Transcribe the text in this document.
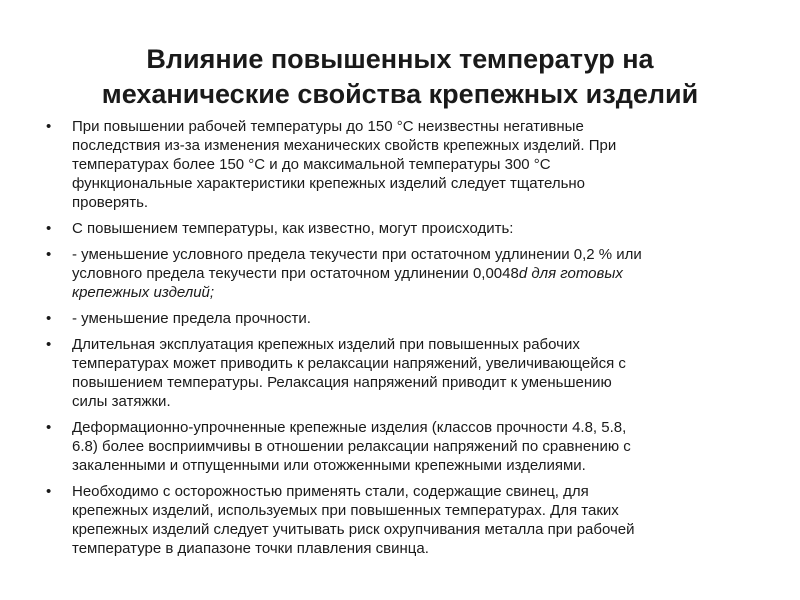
Влияние повышенных температур на
механические свойства крепежных изделий
• При повышении рабочей температуры до 150 °С неизвестны негативные
последствия из-за изменения механических свойств крепежных изделий. При
температурах более 150 °С и до максимальной температуры 300 °С
функциональные характеристики крепежных изделий следует тщательно
проверять.
• С повышением температуры, как известно, могут происходить:
• - уменьшение условного предела текучести при остаточном удлинении 0,2 % или
условного предела текучести при остаточном удлинении 0,0048d для готовых
крепежных изделий;
• - уменьшение предела прочности.
• Длительная эксплуатация крепежных изделий при повышенных рабочих
температурах может приводить к релаксации напряжений, увеличивающейся с
повышением температуры. Релаксация напряжений приводит к уменьшению
силы затяжки.
• Деформационно-упрочненные крепежные изделия (классов прочности 4.8, 5.8,
6.8) более восприимчивы в отношении релаксации напряжений по сравнению с
закаленными и отпущенными или отожженными крепежными изделиями.
• Необходимо с осторожностью применять стали, содержащие свинец, для
крепежных изделий, используемых при повышенных температурах. Для таких
крепежных изделий следует учитывать риск охрупчивания металла при рабочей
температуре в диапазоне точки плавления свинца.
